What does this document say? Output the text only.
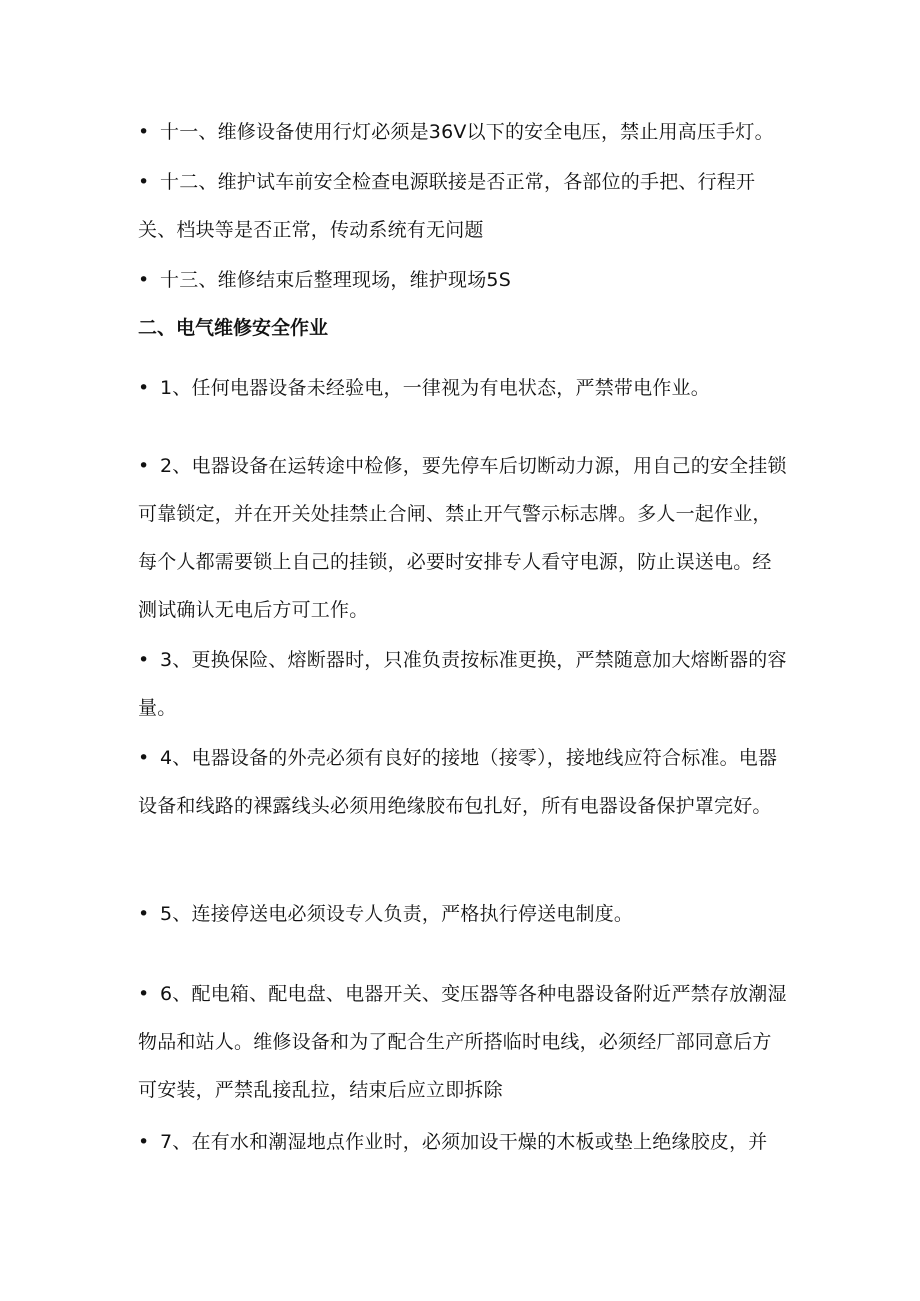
• 十一、维修设备使用行灯必须是36V以下的安全电压，禁止用高压手灯。

• 十二、维护试车前安全检查电源联接是否正常，各部位的手把、行程开关、档块等是否正常，传动系统有无问题

• 十三、维修结束后整理现场，维护现场5S

二、电气维修安全作业

• 1、任何电器设备未经验电，一律视为有电状态，严禁带电作业。

• 2、电器设备在运转途中检修，要先停车后切断动力源，用自己的安全挂锁可靠锁定，并在开关处挂禁止合闸、禁止开气警示标志牌。多人一起作业，每个人都需要锁上自己的挂锁，必要时安排专人看守电源，防止误送电。经测试确认无电后方可工作。

• 3、更换保险、熔断器时，只准负责按标准更换，严禁随意加大熔断器的容量。

• 4、电器设备的外壳必须有良好的接地（接零），接地线应符合标准。电器设备和线路的裸露线头必须用绝缘胶布包扎好，所有电器设备保护罩完好。

• 5、连接停送电必须设专人负责，严格执行停送电制度。

• 6、配电箱、配电盘、电器开关、变压器等各种电器设备附近严禁存放潮湿物品和站人。维修设备和为了配合生产所搭临时电线，必须经厂部同意后方可安装，严禁乱接乱拉，结束后应立即拆除

• 7、在有水和潮湿地点作业时，必须加设干燥的木板或垫上绝缘胶皮，并
